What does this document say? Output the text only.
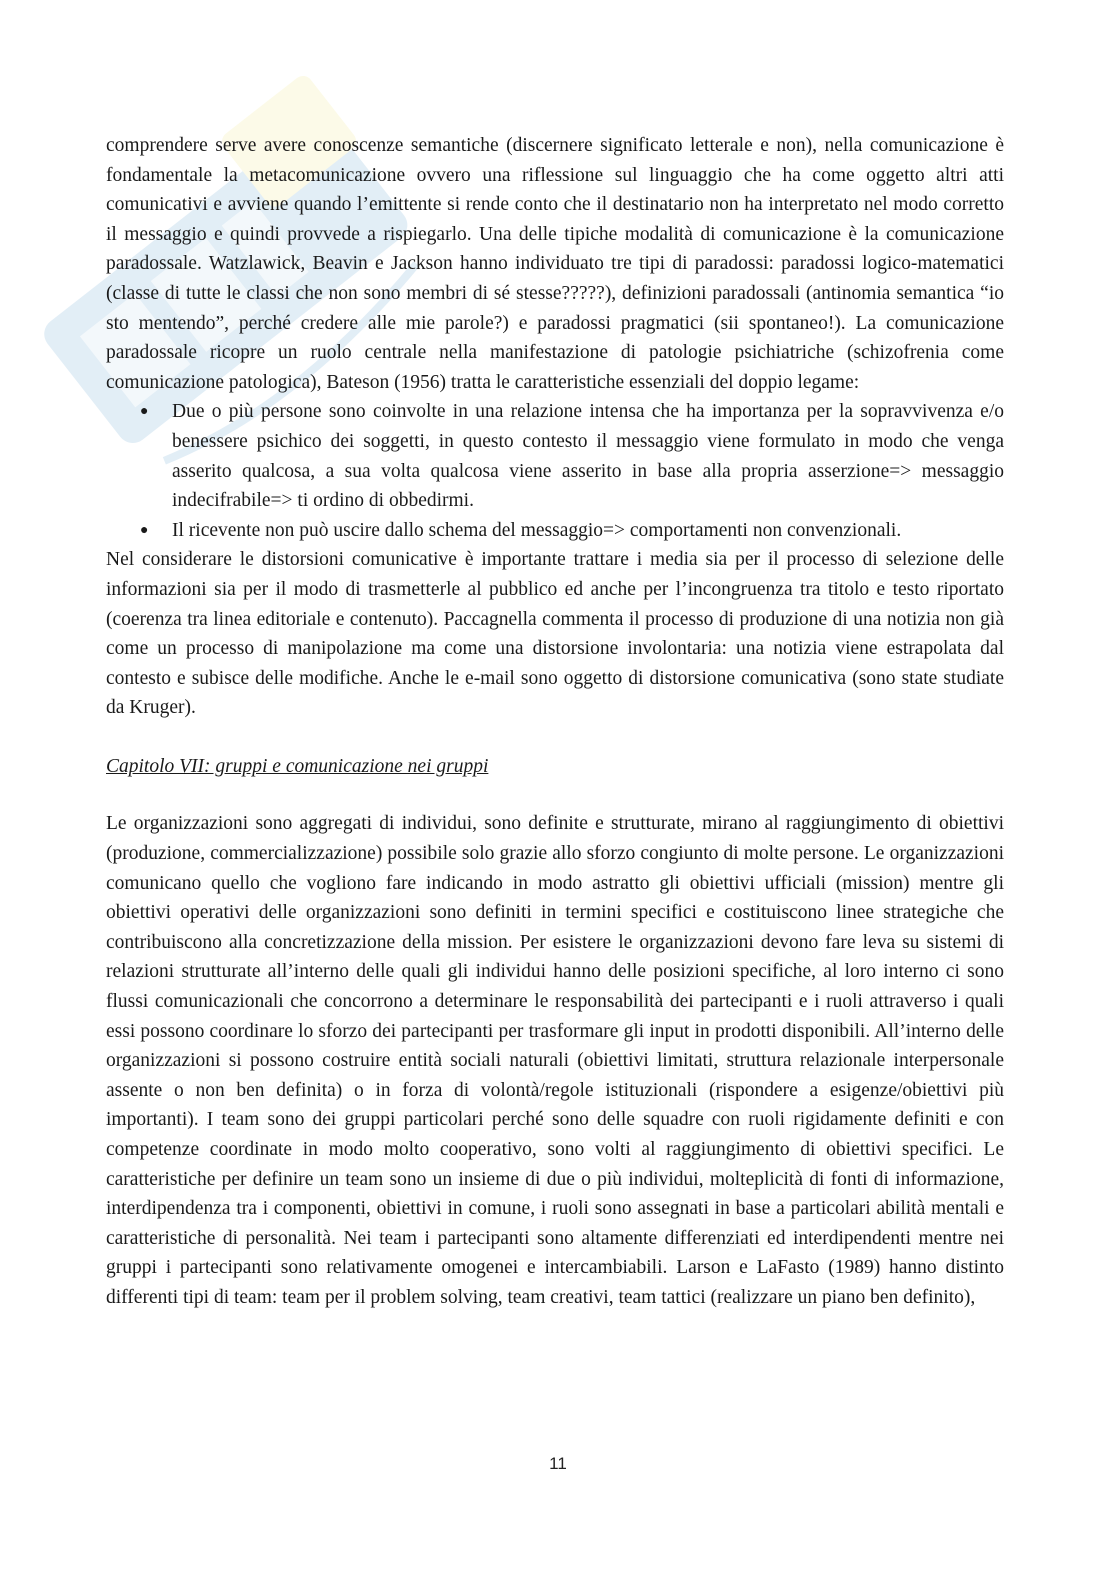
comprendere serve avere conoscenze semantiche (discernere significato letterale e non), nella comunicazione è fondamentale la metacomunicazione ovvero una riflessione sul linguaggio che ha come oggetto altri atti comunicativi e avviene quando l’emittente si rende conto che il destinatario non ha interpretato nel modo corretto il messaggio e quindi provvede a rispiegarlo. Una delle tipiche modalità di comunicazione è la comunicazione paradossale. Watzlawick, Beavin e Jackson hanno individuato tre tipi di paradossi: paradossi logico-matematici (classe di tutte le classi che non sono membri di sé stesse?????), definizioni paradossali (antinomia semantica “io sto mentendo”, perché credere alle mie parole?) e paradossi pragmatici (sii spontaneo!). La comunicazione paradossale ricopre un ruolo centrale nella manifestazione di patologie psichiatriche (schizofrenia come comunicazione patologica), Bateson (1956) tratta le caratteristiche essenziali del doppio legame:

● Due o più persone sono coinvolte in una relazione intensa che ha importanza per la sopravvivenza e/o benessere psichico dei soggetti, in questo contesto il messaggio viene formulato in modo che venga asserito qualcosa, a sua volta qualcosa viene asserito in base alla propria asserzione=> messaggio indecifrabile=> ti ordino di obbedirmi.
● Il ricevente non può uscire dallo schema del messaggio=> comportamenti non convenzionali.

Nel considerare le distorsioni comunicative è importante trattare i media sia per il processo di selezione delle informazioni sia per il modo di trasmetterle al pubblico ed anche per l’incongruenza tra titolo e testo riportato (coerenza tra linea editoriale e contenuto). Paccagnella commenta il processo di produzione di una notizia non già come un processo di manipolazione ma come una distorsione involontaria: una notizia viene estrapolata dal contesto e subisce delle modifiche. Anche le e-mail sono oggetto di distorsione comunicativa (sono state studiate da Kruger).

Capitolo VII: gruppi e comunicazione nei gruppi

Le organizzazioni sono aggregati di individui, sono definite e strutturate, mirano al raggiungimento di obiettivi (produzione, commercializzazione) possibile solo grazie allo sforzo congiunto di molte persone. Le organizzazioni comunicano quello che vogliono fare indicando in modo astratto gli obiettivi ufficiali (mission) mentre gli obiettivi operativi delle organizzazioni sono definiti in termini specifici e costituiscono linee strategiche che contribuiscono alla concretizzazione della mission. Per esistere le organizzazioni devono fare leva su sistemi di relazioni strutturate all’interno delle quali gli individui hanno delle posizioni specifiche, al loro interno ci sono flussi comunicazionali che concorrono a determinare le responsabilità dei partecipanti e i ruoli attraverso i quali essi possono coordinare lo sforzo dei partecipanti per trasformare gli input in prodotti disponibili. All’interno delle organizzazioni si possono costruire entità sociali naturali (obiettivi limitati, struttura relazionale interpersonale assente o non ben definita) o in forza di volontà/regole istituzionali (rispondere a esigenze/obiettivi più importanti). I team sono dei gruppi particolari perché sono delle squadre con ruoli rigidamente definiti e con competenze coordinate in modo molto cooperativo, sono volti al raggiungimento di obiettivi specifici. Le caratteristiche per definire un team sono un insieme di due o più individui, molteplicità di fonti di informazione, interdipendenza tra i componenti, obiettivi in comune, i ruoli sono assegnati in base a particolari abilità mentali e caratteristiche di personalità. Nei team i partecipanti sono altamente differenziati ed interdipendenti mentre nei gruppi i partecipanti sono relativamente omogenei e intercambiabili. Larson e LaFasto (1989) hanno distinto differenti tipi di team: team per il problem solving, team creativi, team tattici (realizzare un piano ben definito),

11
